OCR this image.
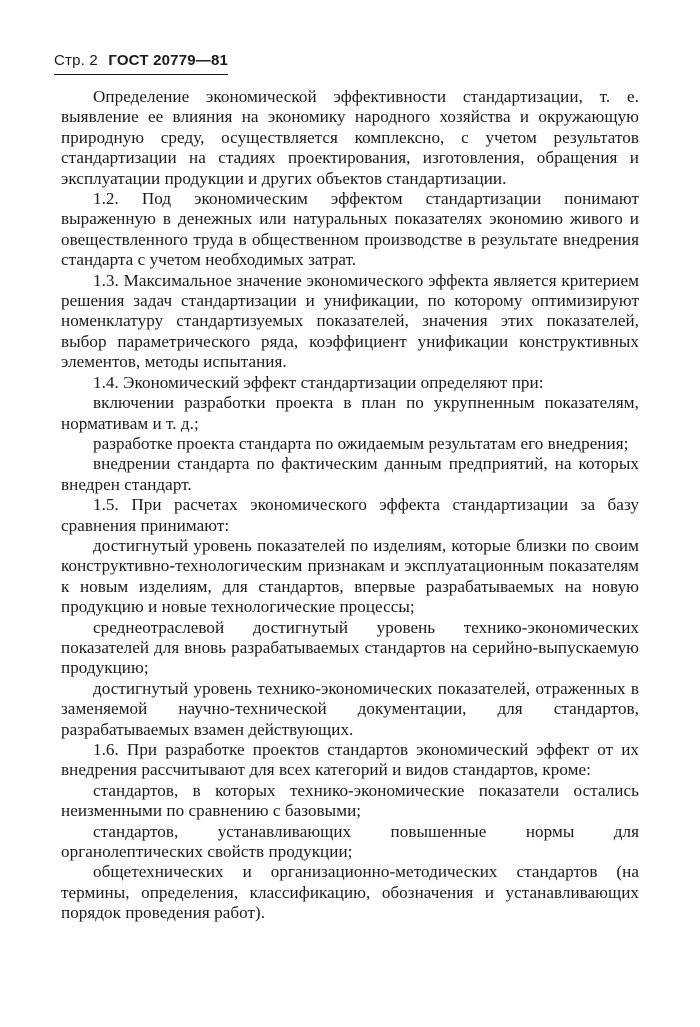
Стр. 2 ГОСТ 20779—81

Определение экономической эффективности стандартизации, т. е. выявление ее влияния на экономику народного хозяйства и окружающую природную среду, осуществляется комплексно, с учетом результатов стандартизации на стадиях проектирования, изготовления, обращения и эксплуатации продукции и других объектов стандартизации.

1.2. Под экономическим эффектом стандартизации понимают выраженную в денежных или натуральных показателях экономию живого и овеществленного труда в общественном производстве в результате внедрения стандарта с учетом необходимых затрат.

1.3. Максимальное значение экономического эффекта является критерием решения задач стандартизации и унификации, по которому оптимизируют номенклатуру стандартизуемых показателей, значения этих показателей, выбор параметрического ряда, коэффициент унификации конструктивных элементов, методы испытания.

1.4. Экономический эффект стандартизации определяют при:

включении разработки проекта в план по укрупненным показателям, нормативам и т. д.;

разработке проекта стандарта по ожидаемым результатам его внедрения;

внедрении стандарта по фактическим данным предприятий, на которых внедрен стандарт.

1.5. При расчетах экономического эффекта стандартизации за базу сравнения принимают:

достигнутый уровень показателей по изделиям, которые близки по своим конструктивно-технологическим признакам и эксплуатационным показателям к новым изделиям, для стандартов, впервые разрабатываемых на новую продукцию и новые технологические процессы;

среднеотраслевой достигнутый уровень технико-экономических показателей для вновь разрабатываемых стандартов на серийно-выпускаемую продукцию;

достигнутый уровень технико-экономических показателей, отраженных в заменяемой научно-технической документации, для стандартов, разрабатываемых взамен действующих.

1.6. При разработке проектов стандартов экономический эффект от их внедрения рассчитывают для всех категорий и видов стандартов, кроме:

стандартов, в которых технико-экономические показатели остались неизменными по сравнению с базовыми;

стандартов, устанавливающих повышенные нормы для органолептических свойств продукции;

общетехнических и организационно-методических стандартов (на термины, определения, классификацию, обозначения и устанавливающих порядок проведения работ).
